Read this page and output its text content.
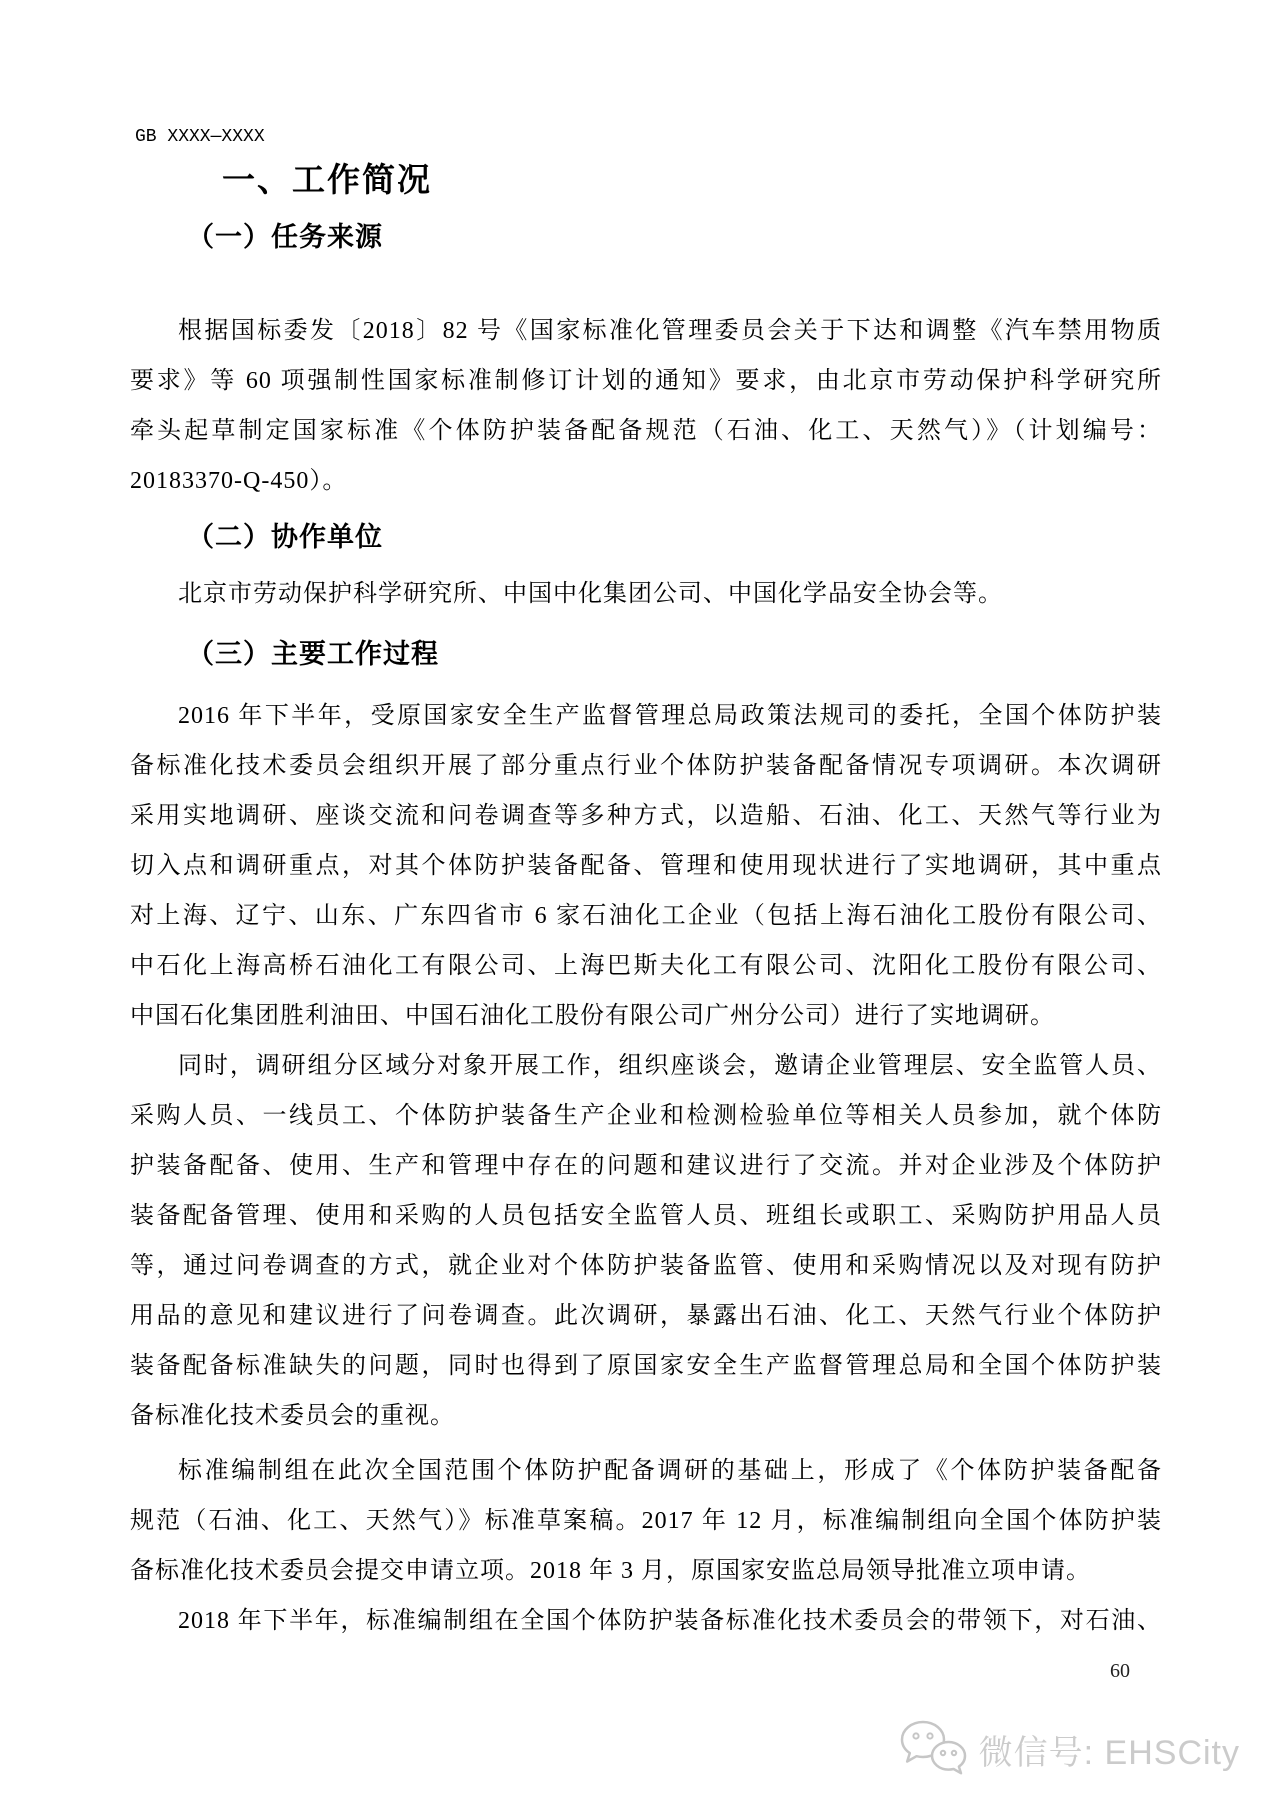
GB XXXX—XXXX
一、工作简况
（一）任务来源
根据国标委发〔2018〕82 号《国家标准化管理委员会关于下达和调整《汽车禁用物质
要求》等 60 项强制性国家标准制修订计划的通知》要求，由北京市劳动保护科学研究所
牵头起草制定国家标准《个体防护装备配备规范（石油、化工、天然气）》（计划编号：
20183370-Q-450）。
（二）协作单位
北京市劳动保护科学研究所、中国中化集团公司、中国化学品安全协会等。
（三）主要工作过程
2016 年下半年，受原国家安全生产监督管理总局政策法规司的委托，全国个体防护装
备标准化技术委员会组织开展了部分重点行业个体防护装备配备情况专项调研。本次调研
采用实地调研、座谈交流和问卷调查等多种方式，以造船、石油、化工、天然气等行业为
切入点和调研重点，对其个体防护装备配备、管理和使用现状进行了实地调研，其中重点
对上海、辽宁、山东、广东四省市 6 家石油化工企业（包括上海石油化工股份有限公司、
中石化上海高桥石油化工有限公司、上海巴斯夫化工有限公司、沈阳化工股份有限公司、
中国石化集团胜利油田、中国石油化工股份有限公司广州分公司）进行了实地调研。
同时，调研组分区域分对象开展工作，组织座谈会，邀请企业管理层、安全监管人员、
采购人员、一线员工、个体防护装备生产企业和检测检验单位等相关人员参加，就个体防
护装备配备、使用、生产和管理中存在的问题和建议进行了交流。并对企业涉及个体防护
装备配备管理、使用和采购的人员包括安全监管人员、班组长或职工、采购防护用品人员
等，通过问卷调查的方式，就企业对个体防护装备监管、使用和采购情况以及对现有防护
用品的意见和建议进行了问卷调查。此次调研，暴露出石油、化工、天然气行业个体防护
装备配备标准缺失的问题，同时也得到了原国家安全生产监督管理总局和全国个体防护装
备标准化技术委员会的重视。
标准编制组在此次全国范围个体防护配备调研的基础上，形成了《个体防护装备配备
规范（石油、化工、天然气）》标准草案稿。2017 年 12 月，标准编制组向全国个体防护装
备标准化技术委员会提交申请立项。2018 年 3 月，原国家安监总局领导批准立项申请。
2018 年下半年，标准编制组在全国个体防护装备标准化技术委员会的带领下，对石油、
60
微信号: EHSCity
